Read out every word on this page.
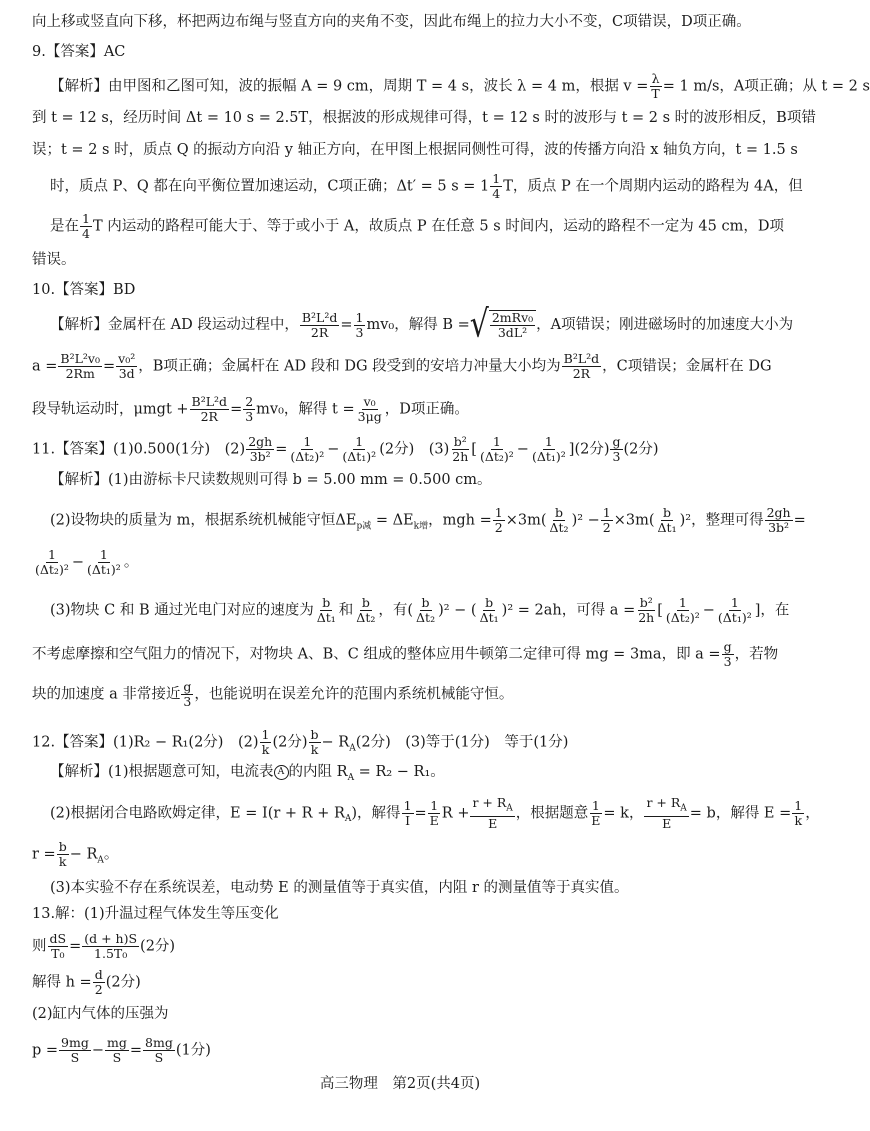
向上移或竖直向下移，杯把两边布绳与竖直方向的夹角不变，因此布绳上的拉力大小不变，C项错误，D项正确。
9.【答案】AC
【解析】由甲图和乙图可知，波的振幅 A = 9 cm，周期 T = 4 s，波长 λ = 4 m，根据 $v = \frac{\lambda}{T} = 1$ m/s，A项正确；从 t = 2 s
到 t = 12 s，经历时间 Δt = 10 s = 2.5T，根据波的形成规律可得，t = 12 s 时的波形与 t = 2 s 时的波形相反，B项错
误；t = 2 s 时，质点 Q 的振动方向沿 y 轴正方向，在甲图上根据同侧性可得，波的传播方向沿 x 轴负方向，t = 1.5 s
时，质点 P、Q 都在向平衡位置加速运动，C项正确；Δt′ = 5 $s = 1 \frac{1}{4}$ T，质点 P 在一个周期内运动的路程为 4A，但
是在 $\frac{1}{4}$ T 内运动的路程可能大于、等于或小于 A，故质点 P 在任意 5 s 时间内，运动的路程不一定为 45 cm，D项
错误。
10.【答案】BD
【解析】金属杆在 AD 段运动过程中， $\frac{\text{B²L²d}}{2R} = \frac{1}{3} mv_0$，解得 B = √ $\frac{\text{2mRv₀}}{\text{3dL²}}$ ，A项错误；刚进磁场时的加速度大小为
$a = \frac{\text{B²L²v₀}}{2Rm} = \frac{\text{v₀²}}{3d}$ ，B项正确；金属杆在 AD 段和 DG 段受到的安培力冲量大小均为 $\frac{\text{B²L²d}}{2R}$ ，C项错误；金属杆在 DG
段导轨运动时，$\mu mgt + \frac{\text{B²L²d}}{2R} = \frac{2}{3} mv_0$，解得 $t = \frac{\text{v₀}}{3\mu g}$ ，D项正确。
11.【答案】(1)0.500(1分)　$(2) \frac{2gh}{\text{3b²}} = \frac{1}{\text{(Δt₂)²}} - \frac{1}{\text{(Δt₁)²}} (2$分)　$(3) \frac{\text{b²}}{2h}$ [ $\frac{1}{\text{(Δt₂)²}} - \frac{1}{\text{(Δt₁)²}} ](2$分) $\frac{g}{3} (2$分)
【解析】(1)由游标卡尺读数规则可得 b = 5.00 mm = 0.500 cm。
(2)设物块的质量为 m，根据系统机械能守恒$\Delta E_{p减} = \Delta E_{k增}$，mgh = $\frac{1}{2} \times 3m( \frac{b}{\text{Δt₂}} )^2 - \frac{1}{2} \times 3m( \frac{b}{\text{Δt₁}} )^2$，整理可得 $\frac{2gh}{\text{3b²}}$ =
$\frac{1}{\text{(Δt₂)²}} - \frac{1}{\text{(Δt₁)²}}$ 。
(3)物块 C 和 B 通过光电门对应的速度为 $\frac{b}{\text{Δt₁}}$ 和 $\frac{b}{\text{Δt₂}}$ ，有( $\frac{b}{\text{Δt₂}} )^2$ − ( $\frac{b}{\text{Δt₁}} )^2 = 2ah$，可得 $a = \frac{\text{b²}}{2h}$ [ $\frac{1}{\text{(Δt₂)²}} - \frac{1}{\text{(Δt₁)²}}$ ]，在
不考虑摩擦和空气阻力的情况下，对物块 A、B、C 组成的整体应用牛顿第二定律可得 mg = 3ma，即 $a = \frac{g}{3}$ ，若物
块的加速度 a 非常接近 $\frac{g}{3}$ ，也能说明在误差允许的范围内系统机械能守恒。
12.【答案】(1)R₂ − R₁(2分)　$(2) \frac{1}{k} (2$分) $\frac{b}{k} - R_A(2$分)　(3)等于(1分)　等于(1分)
【解析】(1)根据题意可知，电流表 A 的内阻 $R_A = R_2 - R_1$。
(2)根据闭合电路欧姆定律，$E = I(r + R + R_A)$，解得 $\frac{1}{I} = \frac{1}{E}$ $R + \frac{r + R_A}{E}$ ，根据题意 $\frac{1}{E} = k$， $\frac{r + R_A}{E} = b$，解得 $E = \frac{1}{k}$ ，
$r = \frac{b}{k} - R_A$。
(3)本实验不存在系统误差，电动势 E 的测量值等于真实值，内阻 r 的测量值等于真实值。
13.解：(1)升温过程气体发生等压变化
则 $\frac{dS}{\text{T₀}} = \frac{(d + h)S}{\text{1.5T₀}} (2$分)
解得 $h = \frac{d}{2} (2$分)
(2)缸内气体的压强为
$p = \frac{9mg}{S} - \frac{mg}{S} = \frac{8mg}{S} (1$分)
高三物理　第2页(共4页)
